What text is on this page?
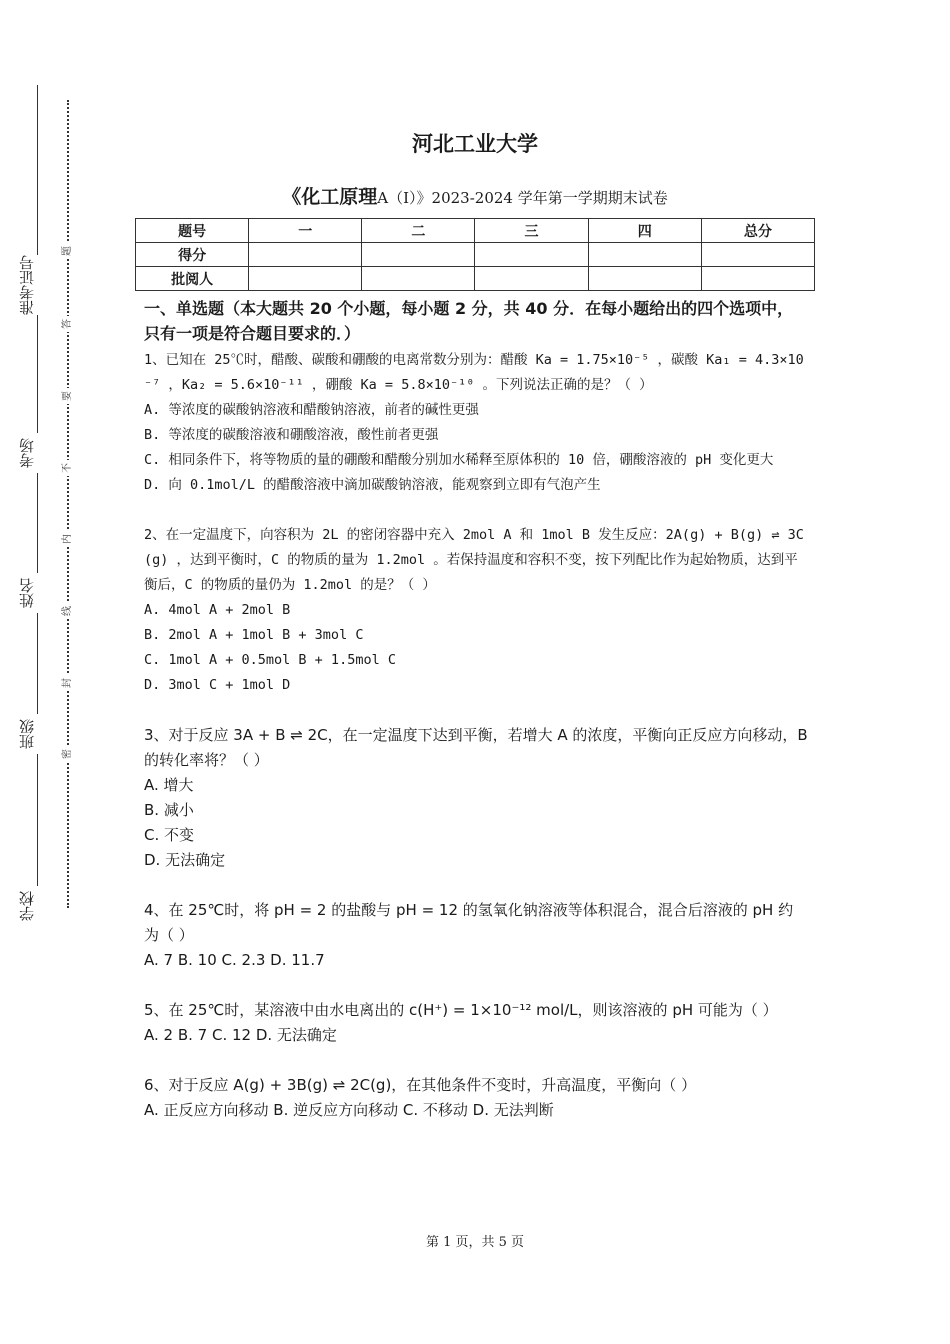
准考证号
考场
姓名
班级
学校
题
答
要
不
内
线
封
密
河北工业大学
《化工原理A（I）》2023-2024 学年第一学期期末试卷
题号	一	二	三	四	总分
得分					
批阅人					

一、单选题（本大题共 20 个小题，每小题 2 分，共 40 分．在每小题给出的四个选项中，只有一项是符合题目要求的．）

1、已知在 25℃时，醋酸、碳酸和硼酸的电离常数分别为：醋酸 Ka = 1.75×10⁻⁵ ，碳酸 Ka₁ = 4.3×10⁻⁷ ，Ka₂ = 5.6×10⁻¹¹ ，硼酸 Ka = 5.8×10⁻¹⁰ 。下列说法正确的是？（ ）

A. 等浓度的碳酸钠溶液和醋酸钠溶液，前者的碱性更强

B. 等浓度的碳酸溶液和硼酸溶液，酸性前者更强

C. 相同条件下，将等物质的量的硼酸和醋酸分别加水稀释至原体积的 10 倍，硼酸溶液的 pH 变化更大

D. 向 0.1mol/L 的醋酸溶液中滴加碳酸钠溶液，能观察到立即有气泡产生

2、在一定温度下，向容积为 2L 的密闭容器中充入 2mol A 和 1mol B 发生反应：2A(g) + B(g) ⇌ 3C(g) ，达到平衡时，C 的物质的量为 1.2mol 。若保持温度和容积不变，按下列配比作为起始物质，达到平衡后，C 的物质的量仍为 1.2mol 的是？（ ）

A. 4mol A + 2mol B

B. 2mol A + 1mol B + 3mol C

C. 1mol A + 0.5mol B + 1.5mol C

D. 3mol C + 1mol D

3、对于反应 3A + B ⇌ 2C，在一定温度下达到平衡，若增大 A 的浓度，平衡向正反应方向移动，B 的转化率将？（ ）

A. 增大

B. 减小

C. 不变

D. 无法确定

4、在 25℃时，将 pH = 2 的盐酸与 pH = 12 的氢氧化钠溶液等体积混合，混合后溶液的 pH 约为（ ）

A. 7 B. 10 C. 2.3 D. 11.7

5、在 25℃时，某溶液中由水电离出的 c(H⁺) = 1×10⁻¹² mol/L，则该溶液的 pH 可能为（ ）

A. 2 B. 7 C. 12 D. 无法确定

6、对于反应 A(g) + 3B(g) ⇌ 2C(g)，在其他条件不变时，升高温度，平衡向（ ）

A. 正反应方向移动 B. 逆反应方向移动 C. 不移动 D. 无法判断

第 1 页，共 5 页
